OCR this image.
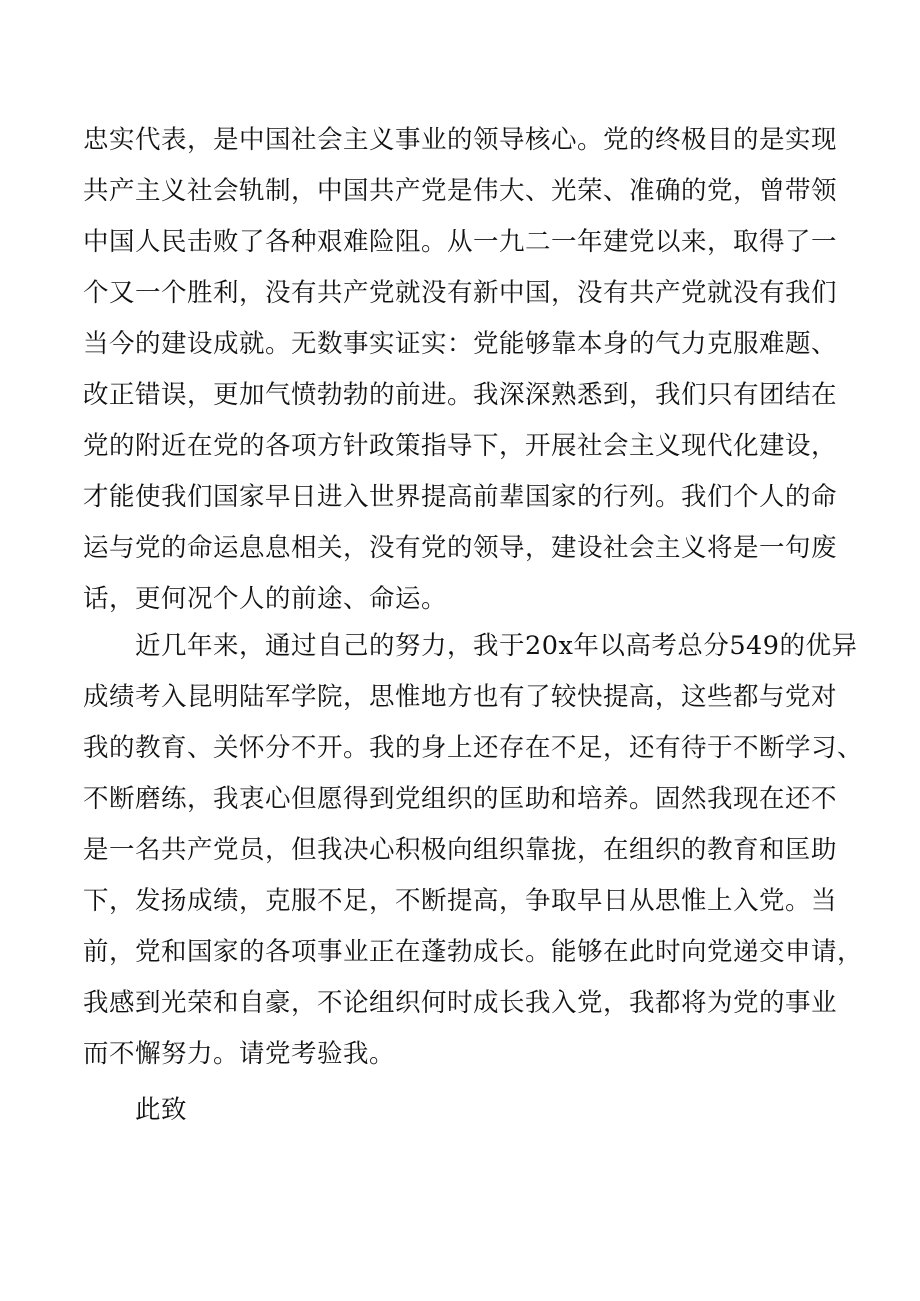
忠实代表，是中国社会主义事业的领导核心。党的终极目的是实现
共产主义社会轨制，中国共产党是伟大、光荣、准确的党，曾带领
中国人民击败了各种艰难险阻。从一九二一年建党以来，取得了一
个又一个胜利，没有共产党就没有新中国，没有共产党就没有我们
当今的建设成就。无数事实证实：党能够靠本身的气力克服难题、
改正错误，更加气愤勃勃的前进。我深深熟悉到，我们只有团结在
党的附近在党的各项方针政策指导下，开展社会主义现代化建设，
才能使我们国家早日进入世界提高前辈国家的行列。我们个人的命
运与党的命运息息相关，没有党的领导，建设社会主义将是一句废
话，更何况个人的前途、命运。
近几年来，通过自己的努力，我于20x年以高考总分549的优异
成绩考入昆明陆军学院，思惟地方也有了较快提高，这些都与党对
我的教育、关怀分不开。我的身上还存在不足，还有待于不断学习、
不断磨练，我衷心但愿得到党组织的匡助和培养。固然我现在还不
是一名共产党员，但我决心积极向组织靠拢，在组织的教育和匡助
下，发扬成绩，克服不足，不断提高，争取早日从思惟上入党。当
前，党和国家的各项事业正在蓬勃成长。能够在此时向党递交申请，
我感到光荣和自豪，不论组织何时成长我入党，我都将为党的事业
而不懈努力。请党考验我。
此致
